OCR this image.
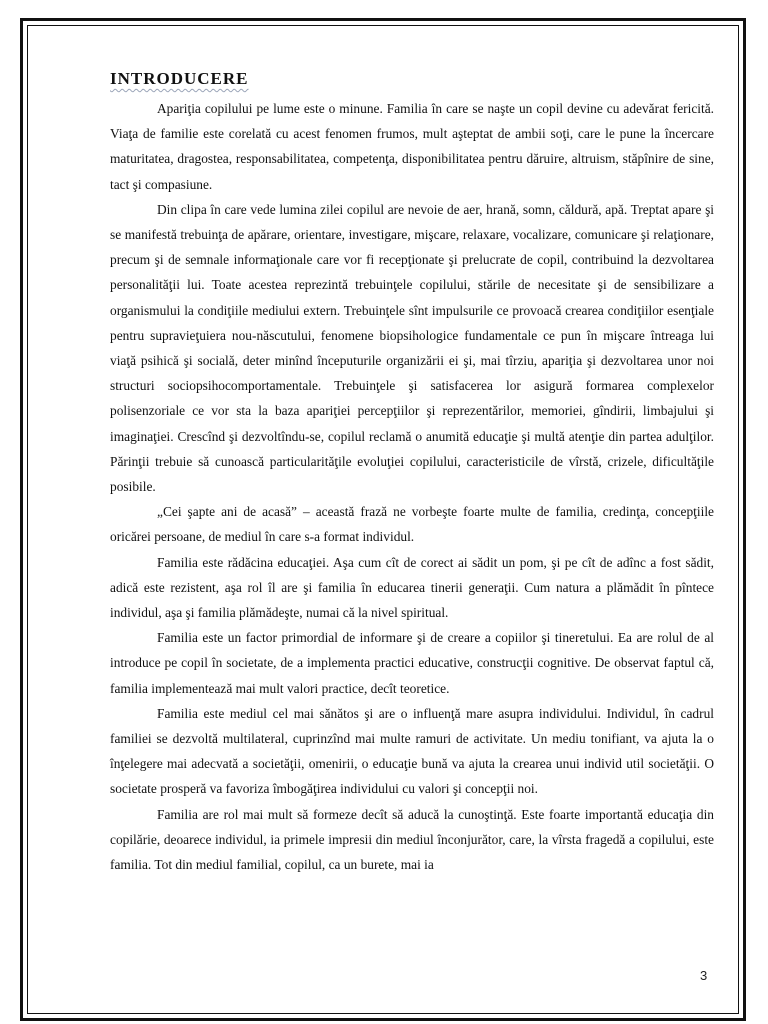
INTRODUCERE

Apariţia copilului pe lume este o minune. Familia în care se naşte un copil devine cu adevărat fericită. Viaţa de familie este corelată cu acest fenomen frumos, mult aşteptat de ambii soţi, care le pune la încercare maturitatea, dragostea, responsabilitatea, competenţa, disponibilitatea pentru dăruire, altruism, stăpînire de sine, tact şi compasiune.

Din clipa în care vede lumina zilei copilul are nevoie de aer, hrană, somn, căldură, apă. Treptat apare şi se manifestă trebuinţa de apărare, orientare, investigare, mişcare, relaxare, vocalizare, comunicare şi relaţionare, precum şi de semnale informaţionale care vor fi recepţionate şi prelucrate de copil, contribuind la dezvoltarea personalităţii lui. Toate acestea reprezintă trebuinţele copilului, stările de necesitate şi de sensibilizare a organismului la condiţiile mediului extern. Trebuinţele sînt impulsurile ce provoacă crearea condiţiilor esenţiale pentru supravieţuiera nou-născutului, fenomene biopsihologice fundamentale ce pun în mişcare întreaga lui viaţă psihică şi socială, deter minînd începuturile organizării ei şi, mai tîrziu, apariţia şi dezvoltarea unor noi structuri sociopsihocomportamentale. Trebuinţele şi satisfacerea lor asigură formarea complexelor polisenzoriale ce vor sta la baza apariţiei percepţiilor şi reprezentărilor, memoriei, gîndirii, limbajului şi imaginaţiei. Crescînd şi dezvoltîndu-se, copilul reclamă o anumită educaţie şi multă atenţie din partea adulţilor. Părinţii trebuie să cunoască particularităţile evoluţiei copilului, caracteristicile de vîrstă, crizele, dificultăţile posibile.

„Cei şapte ani de acasă” – această frază ne vorbeşte foarte multe de familia, credinţa, concepţiile oricărei persoane, de mediul în care s-a format individul.

Familia este rădăcina educaţiei. Aşa cum cît de corect ai sădit un pom, şi pe cît de adînc a fost sădit, adică este rezistent, aşa rol îl are şi familia în educarea tinerii generaţii. Cum natura a plămădit în pîntece individul, aşa şi familia plămădeşte, numai că la nivel spiritual.

Familia este un factor primordial de informare şi de creare a copiilor şi tineretului. Ea are rolul de al introduce pe copil în societate, de a implementa practici educative, construcţii cognitive. De observat faptul că, familia implementează mai mult valori practice, decît teoretice.

Familia este mediul cel mai sănătos şi are o influenţă mare asupra individului. Individul, în cadrul familiei se dezvoltă multilateral, cuprinzînd mai multe ramuri de activitate. Un mediu tonifiant, va ajuta la o înţelegere mai adecvată a societăţii, omenirii, o educaţie bună va ajuta la crearea unui individ util societăţii. O societate prosperă va favoriza îmbogăţirea individului cu valori şi concepţii noi.

Familia are rol mai mult să formeze decît să aducă la cunoştinţă. Este foarte importantă educaţia din copilărie, deoarece individul, ia primele impresii din mediul înconjurător, care, la vîrsta fragedă a copilului, este familia. Tot din mediul familial, copilul, ca un burete, mai ia

3
